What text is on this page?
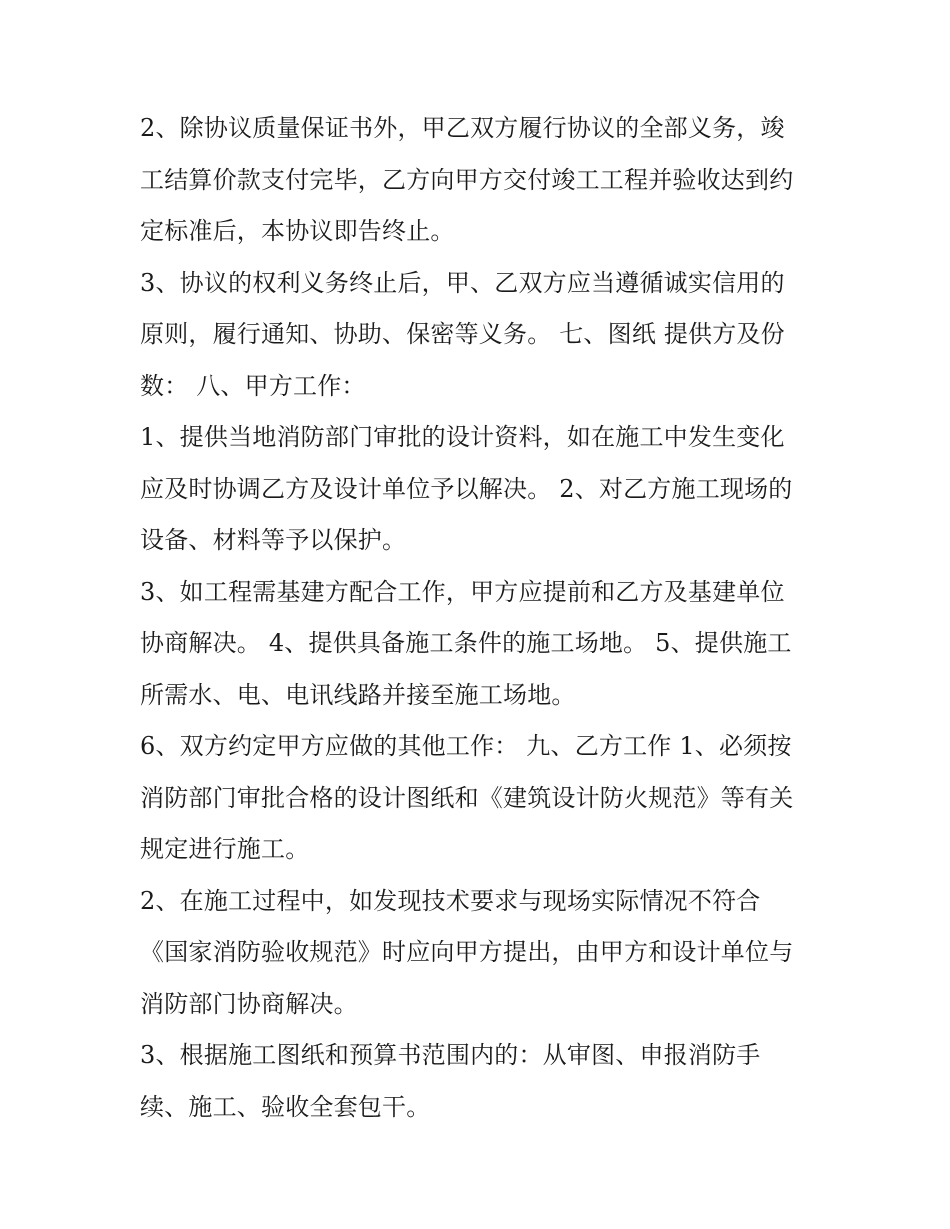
2、除协议质量保证书外，甲乙双方履行协议的全部义务，竣
工结算价款支付完毕，乙方向甲方交付竣工工程并验收达到约
定标准后，本协议即告终止。

3、协议的权利义务终止后，甲、乙双方应当遵循诚实信用的
原则，履行通知、协助、保密等义务。 七、图纸 提供方及份
数： 八、甲方工作：

1、提供当地消防部门审批的设计资料，如在施工中发生变化
应及时协调乙方及设计单位予以解决。 2、对乙方施工现场的
设备、材料等予以保护。

3、如工程需基建方配合工作，甲方应提前和乙方及基建单位
协商解决。 4、提供具备施工条件的施工场地。 5、提供施工
所需水、电、电讯线路并接至施工场地。

6、双方约定甲方应做的其他工作： 九、乙方工作 1、必须按
消防部门审批合格的设计图纸和《建筑设计防火规范》等有关
规定进行施工。

2、在施工过程中，如发现技术要求与现场实际情况不符合
《国家消防验收规范》时应向甲方提出，由甲方和设计单位与
消防部门协商解决。

3、根据施工图纸和预算书范围内的：从审图、申报消防手
续、施工、验收全套包干。
